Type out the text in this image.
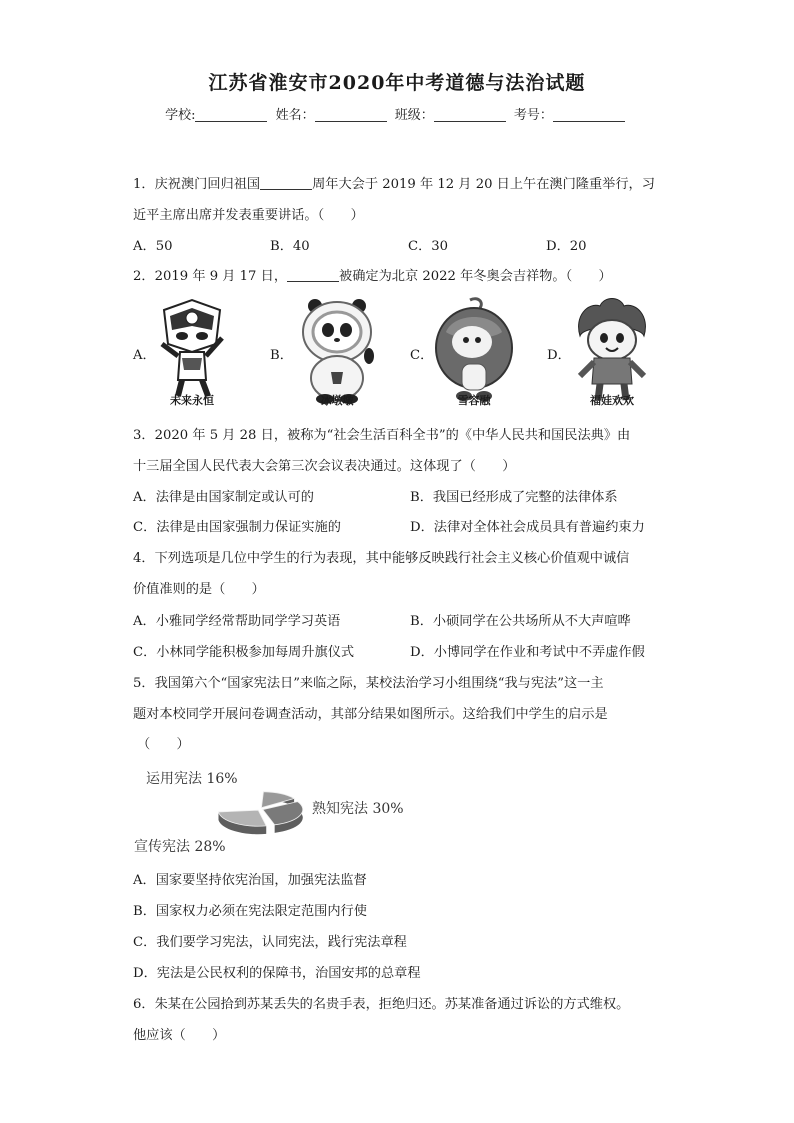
江苏省淮安市2020年中考道德与法治试题
学校:	姓名：	班级：	考号：
1．庆祝澳门回归祖国	周年大会于 2019 年 12 月 20 日上午在澳门隆重举行，习
近平主席出席并发表重要讲话。（　　）
A．50	B．40	C．30	D．20
2．2019 年 9 月 17 日，	被确定为北京 2022 年冬奥会吉祥物。（　　）
A．	B．	C．	D．
未来永恒	冰墩墩	雪容融	福娃欢欢
3．2020 年 5 月 28 日，被称为“社会生活百科全书”的《中华人民共和国民法典》由
十三届全国人民代表大会第三次会议表决通过。这体现了（　　）
A．法律是由国家制定或认可的	B．我国已经形成了完整的法律体系
C．法律是由国家强制力保证实施的	D．法律对全体社会成员具有普遍约束力
4．下列选项是几位中学生的行为表现，其中能够反映践行社会主义核心价值观中诚信
价值准则的是（　　）
A．小雅同学经常帮助同学学习英语	B．小硕同学在公共场所从不大声喧哗
C．小林同学能积极参加每周升旗仪式	D．小博同学在作业和考试中不弄虚作假
5．我国第六个“国家宪法日”来临之际，某校法治学习小组围绕“我与宪法”这一主
题对本校同学开展问卷调查活动，其部分结果如图所示。这给我们中学生的启示是
（　　）
运用宪法 16%
熟知宪法 30%
宣传宪法 28%
A．国家要坚持依宪治国，加强宪法监督
B．国家权力必须在宪法限定范围内行使
C．我们要学习宪法，认同宪法，践行宪法章程
D．宪法是公民权利的保障书，治国安邦的总章程
6．朱某在公园拾到苏某丢失的名贵手表，拒绝归还。苏某准备通过诉讼的方式维权。
他应该（　　）
